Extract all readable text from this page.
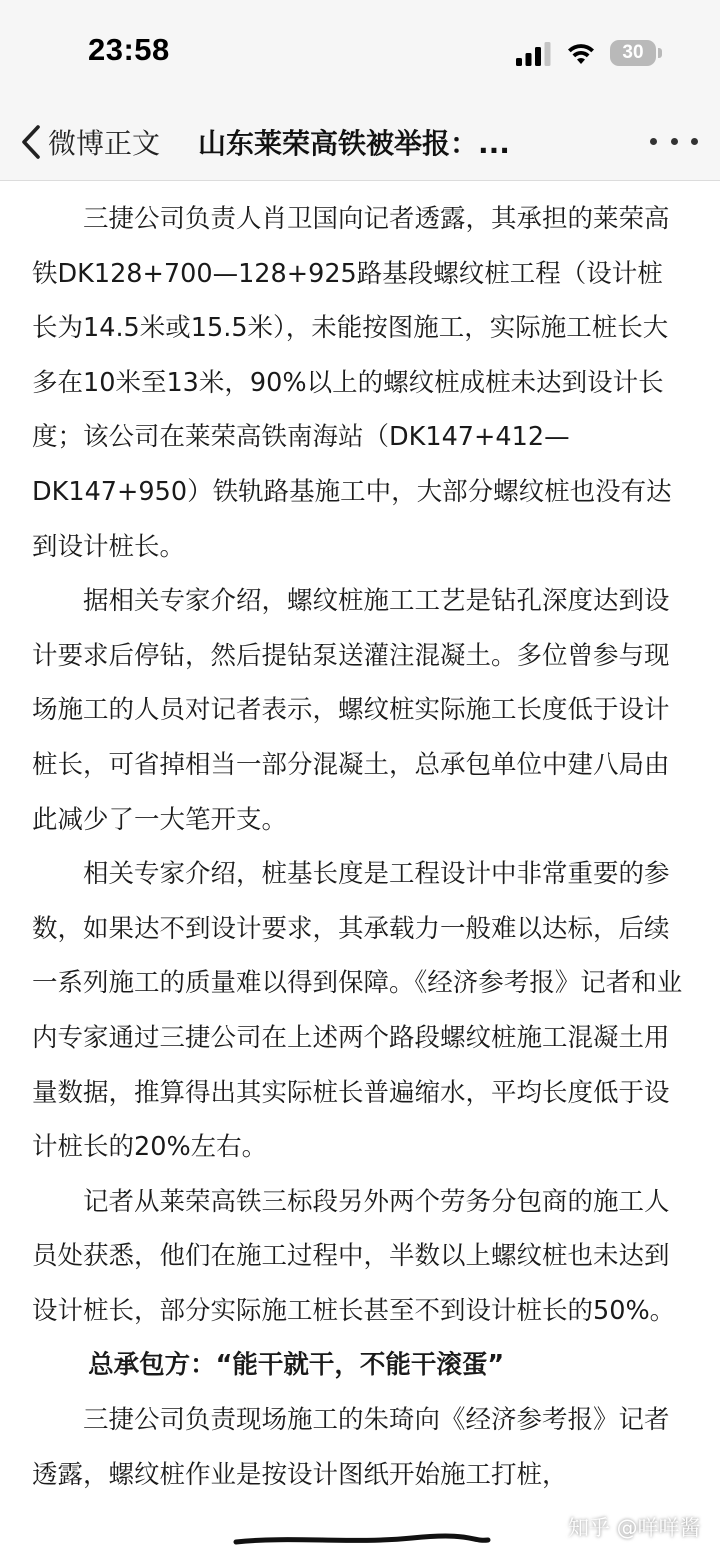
23:58	30
微博正文 山东莱荣高铁被举报：...

三捷公司负责人肖卫国向记者透露，其承担的莱荣高铁DK128+700—128+925路基段螺纹桩工程（设计桩长为14.5米或15.5米），未能按图施工，实际施工桩长大多在10米至13米，90%以上的螺纹桩成桩未达到设计长度；该公司在莱荣高铁南海站（DK147+412—DK147+950）铁轨路基施工中，大部分螺纹桩也没有达到设计桩长。

据相关专家介绍，螺纹桩施工工艺是钻孔深度达到设计要求后停钻，然后提钻泵送灌注混凝土。多位曾参与现场施工的人员对记者表示，螺纹桩实际施工长度低于设计桩长，可省掉相当一部分混凝土，总承包单位中建八局由此减少了一大笔开支。

相关专家介绍，桩基长度是工程设计中非常重要的参数，如果达不到设计要求，其承载力一般难以达标，后续一系列施工的质量难以得到保障。《经济参考报》记者和业内专家通过三捷公司在上述两个路段螺纹桩施工混凝土用量数据，推算得出其实际桩长普遍缩水，平均长度低于设计桩长的20%左右。

记者从莱荣高铁三标段另外两个劳务分包商的施工人员处获悉，他们在施工过程中，半数以上螺纹桩也未达到设计桩长，部分实际施工桩长甚至不到设计桩长的50%。

总承包方：“能干就干，不能干滚蛋”

三捷公司负责现场施工的朱琦向《经济参考报》记者透露，螺纹桩作业是按设计图纸开始施工打桩，

知乎 @咩咩酱
